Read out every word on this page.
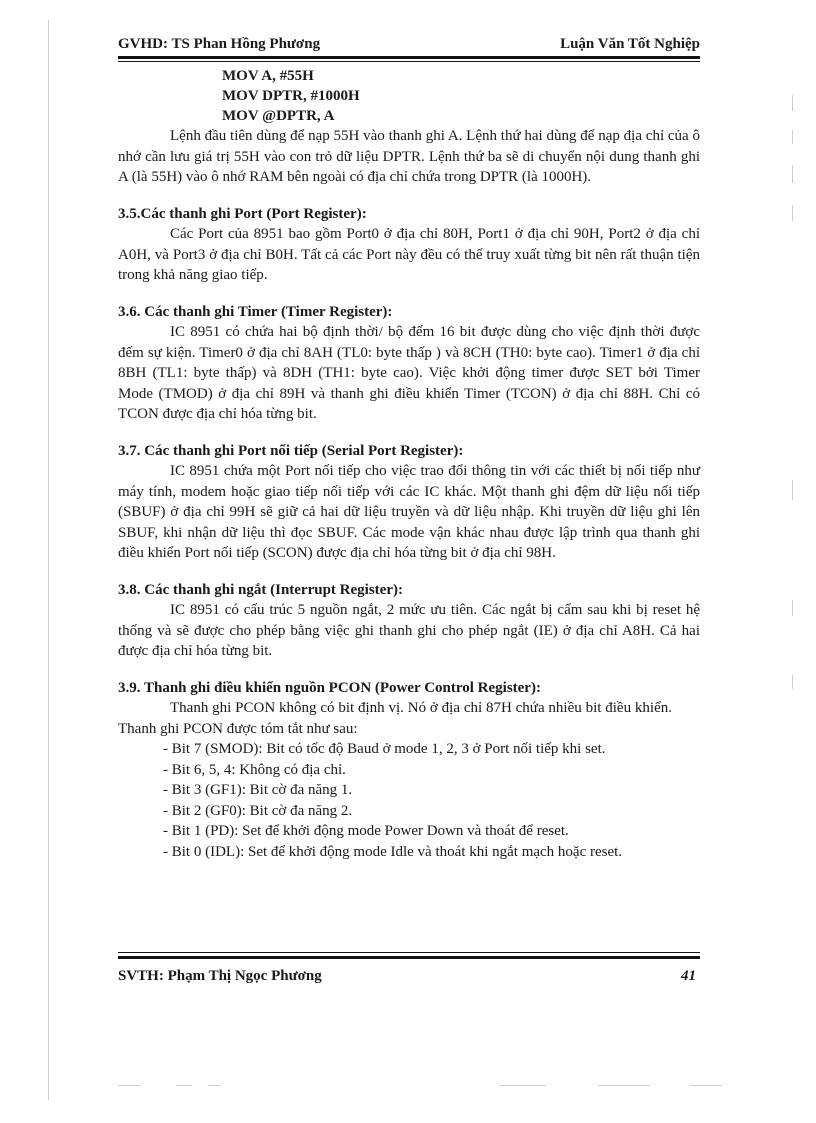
GVHD: TS Phan Hồng Phương	Luận Văn Tốt Nghiệp
MOV A, #55H
MOV DPTR, #1000H
MOV @DPTR, A

Lệnh đầu tiên dùng để nạp 55H vào thanh ghi A. Lệnh thứ hai dùng để nạp địa chỉ của ô nhớ cần lưu giá trị 55H vào con trỏ dữ liệu DPTR. Lệnh thứ ba sẽ di chuyển nội dung thanh ghi A (là 55H) vào ô nhớ RAM bên ngoài có địa chỉ chứa trong DPTR (là 1000H).

3.5.Các thanh ghi Port (Port Register):

Các Port của 8951 bao gồm Port0 ở địa chỉ 80H, Port1 ở địa chỉ 90H, Port2 ở địa chỉ A0H, và Port3 ở địa chỉ B0H. Tất cả các Port này đều có thể truy xuất từng bit nên rất thuận tiện trong khả năng giao tiếp.

3.6. Các thanh ghi Timer (Timer Register):

IC 8951 có chứa hai bộ định thời/ bộ đếm 16 bit được dùng cho việc định thời được đếm sự kiện. Timer0 ở địa chỉ 8AH (TL0: byte thấp ) và 8CH (TH0: byte cao). Timer1 ở địa chỉ 8BH (TL1: byte thấp) và 8DH (TH1: byte cao). Việc khởi động timer được SET bởi Timer Mode (TMOD) ở địa chỉ 89H và thanh ghi điều khiển Timer (TCON) ở địa chỉ 88H. Chỉ có TCON được địa chỉ hóa từng bit.

3.7. Các thanh ghi Port nối tiếp (Serial Port Register):

IC 8951 chứa một Port nối tiếp cho việc trao đổi thông tin với các thiết bị nối tiếp như máy tính, modem hoặc giao tiếp nối tiếp với các IC khác. Một thanh ghi đệm dữ liệu nối tiếp (SBUF) ở địa chỉ 99H sẽ giữ cả hai dữ liệu truyền và dữ liệu nhập. Khi truyền dữ liệu ghi lên SBUF, khi nhận dữ liệu thì đọc SBUF. Các mode vận khác nhau được lập trình qua thanh ghi điều khiển Port nối tiếp (SCON) được địa chỉ hóa từng bit ở địa chỉ 98H.

3.8. Các thanh ghi ngắt (Interrupt Register):

IC 8951 có cấu trúc 5 nguồn ngắt, 2 mức ưu tiên. Các ngắt bị cấm sau khi bị reset hệ thống và sẽ được cho phép bằng việc ghi thanh ghi cho phép ngắt (IE) ở địa chỉ A8H. Cả hai được địa chỉ hóa từng bit.

3.9. Thanh ghi điều khiển nguồn PCON (Power Control Register):

Thanh ghi PCON không có bit định vị. Nó ở địa chỉ 87H chứa nhiều bit điều khiển.Thanh ghi PCON được tóm tắt như sau:

- Bit 7 (SMOD): Bit có tốc độ Baud ở mode 1, 2, 3 ở Port nối tiếp khi set.
- Bit 6, 5, 4: Không có địa chỉ.
- Bit 3 (GF1): Bit cờ đa năng 1.
- Bit 2 (GF0): Bit cờ đa năng 2.
- Bit 1 (PD): Set để khởi động mode Power Down và thoát để reset.
- Bit 0 (IDL): Set để khởi động mode Idle và thoát khi ngắt mạch hoặc reset.
SVTH: Phạm Thị Ngọc Phương	41
